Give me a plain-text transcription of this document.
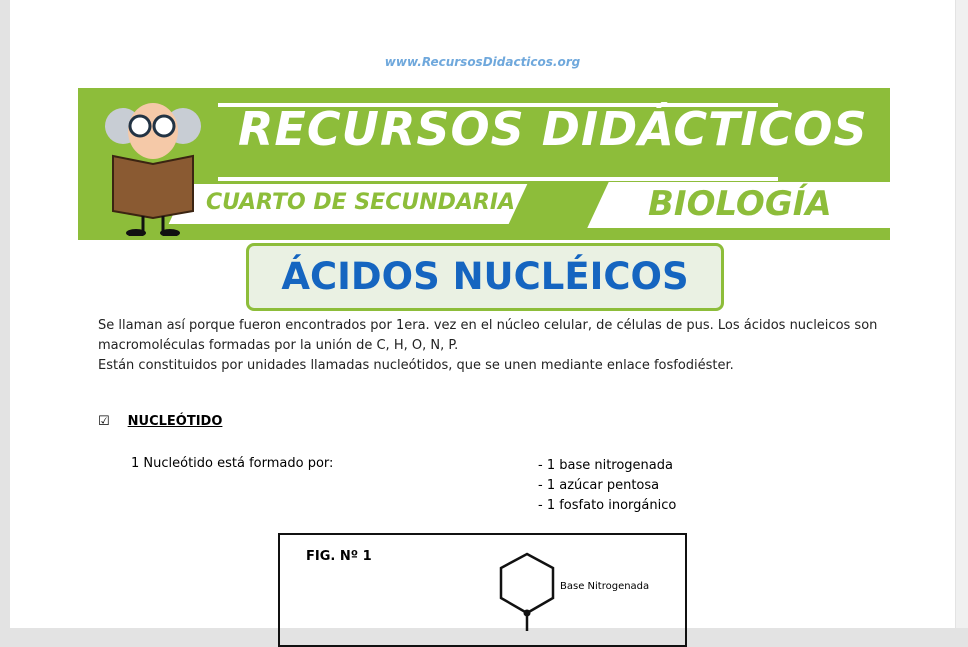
www.RecursosDidacticos.org
RECURSOS DIDÁCTICOS
CUARTO DE SECUNDARIA	BIOLOGÍA
ÁCIDOS NUCLÉICOS
Se llaman así porque fueron encontrados por 1era. vez en el núcleo celular, de células de pus. Los ácidos nucleicos son macromoléculas formadas por la unión de C, H, O, N, P.
Están constituidos por unidades llamadas nucleótidos, que se unen mediante enlace fosfodiéster.
☑ NUCLEÓTIDO
1 Nucleótido está formado por:	- 1 base nitrogenada
- 1 azúcar pentosa
- 1 fosfato inorgánico
FIG. Nº 1
Base Nitrogenada
